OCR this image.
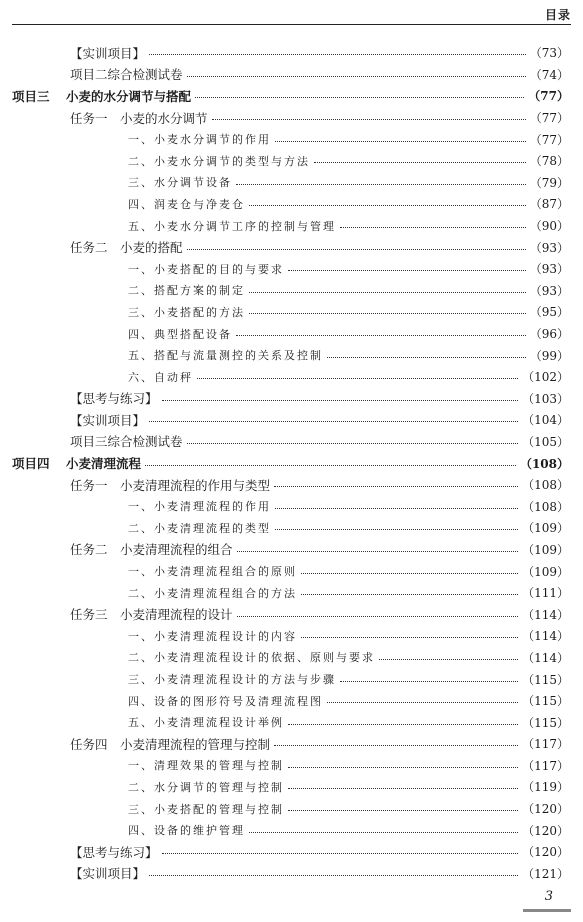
目录
【实训项目】	（73）
项目二综合检测试卷	（74）
项目三 小麦的水分调节与搭配	（77）
任务一　小麦的水分调节	（77）
一、小麦水分调节的作用	（77）
二、小麦水分调节的类型与方法	（78）
三、水分调节设备	（79）
四、润麦仓与净麦仓	（87）
五、小麦水分调节工序的控制与管理	（90）
任务二　小麦的搭配	（93）
一、小麦搭配的目的与要求	（93）
二、搭配方案的制定	（93）
三、小麦搭配的方法	（95）
四、典型搭配设备	（96）
五、搭配与流量测控的关系及控制	（99）
六、自动秤	（102）
【思考与练习】	（103）
【实训项目】	（104）
项目三综合检测试卷	（105）
项目四 小麦清理流程	（108）
任务一　小麦清理流程的作用与类型	（108）
一、小麦清理流程的作用	（108）
二、小麦清理流程的类型	（109）
任务二　小麦清理流程的组合	（109）
一、小麦清理流程组合的原则	（109）
二、小麦清理流程组合的方法	（111）
任务三　小麦清理流程的设计	（114）
一、小麦清理流程设计的内容	（114）
二、小麦清理流程设计的依据、原则与要求	（114）
三、小麦清理流程设计的方法与步骤	（115）
四、设备的图形符号及清理流程图	（115）
五、小麦清理流程设计举例	（115）
任务四　小麦清理流程的管理与控制	（117）
一、清理效果的管理与控制	（117）
二、水分调节的管理与控制	（119）
三、小麦搭配的管理与控制	（120）
四、设备的维护管理	（120）
【思考与练习】	（120）
【实训项目】	（121）
3
